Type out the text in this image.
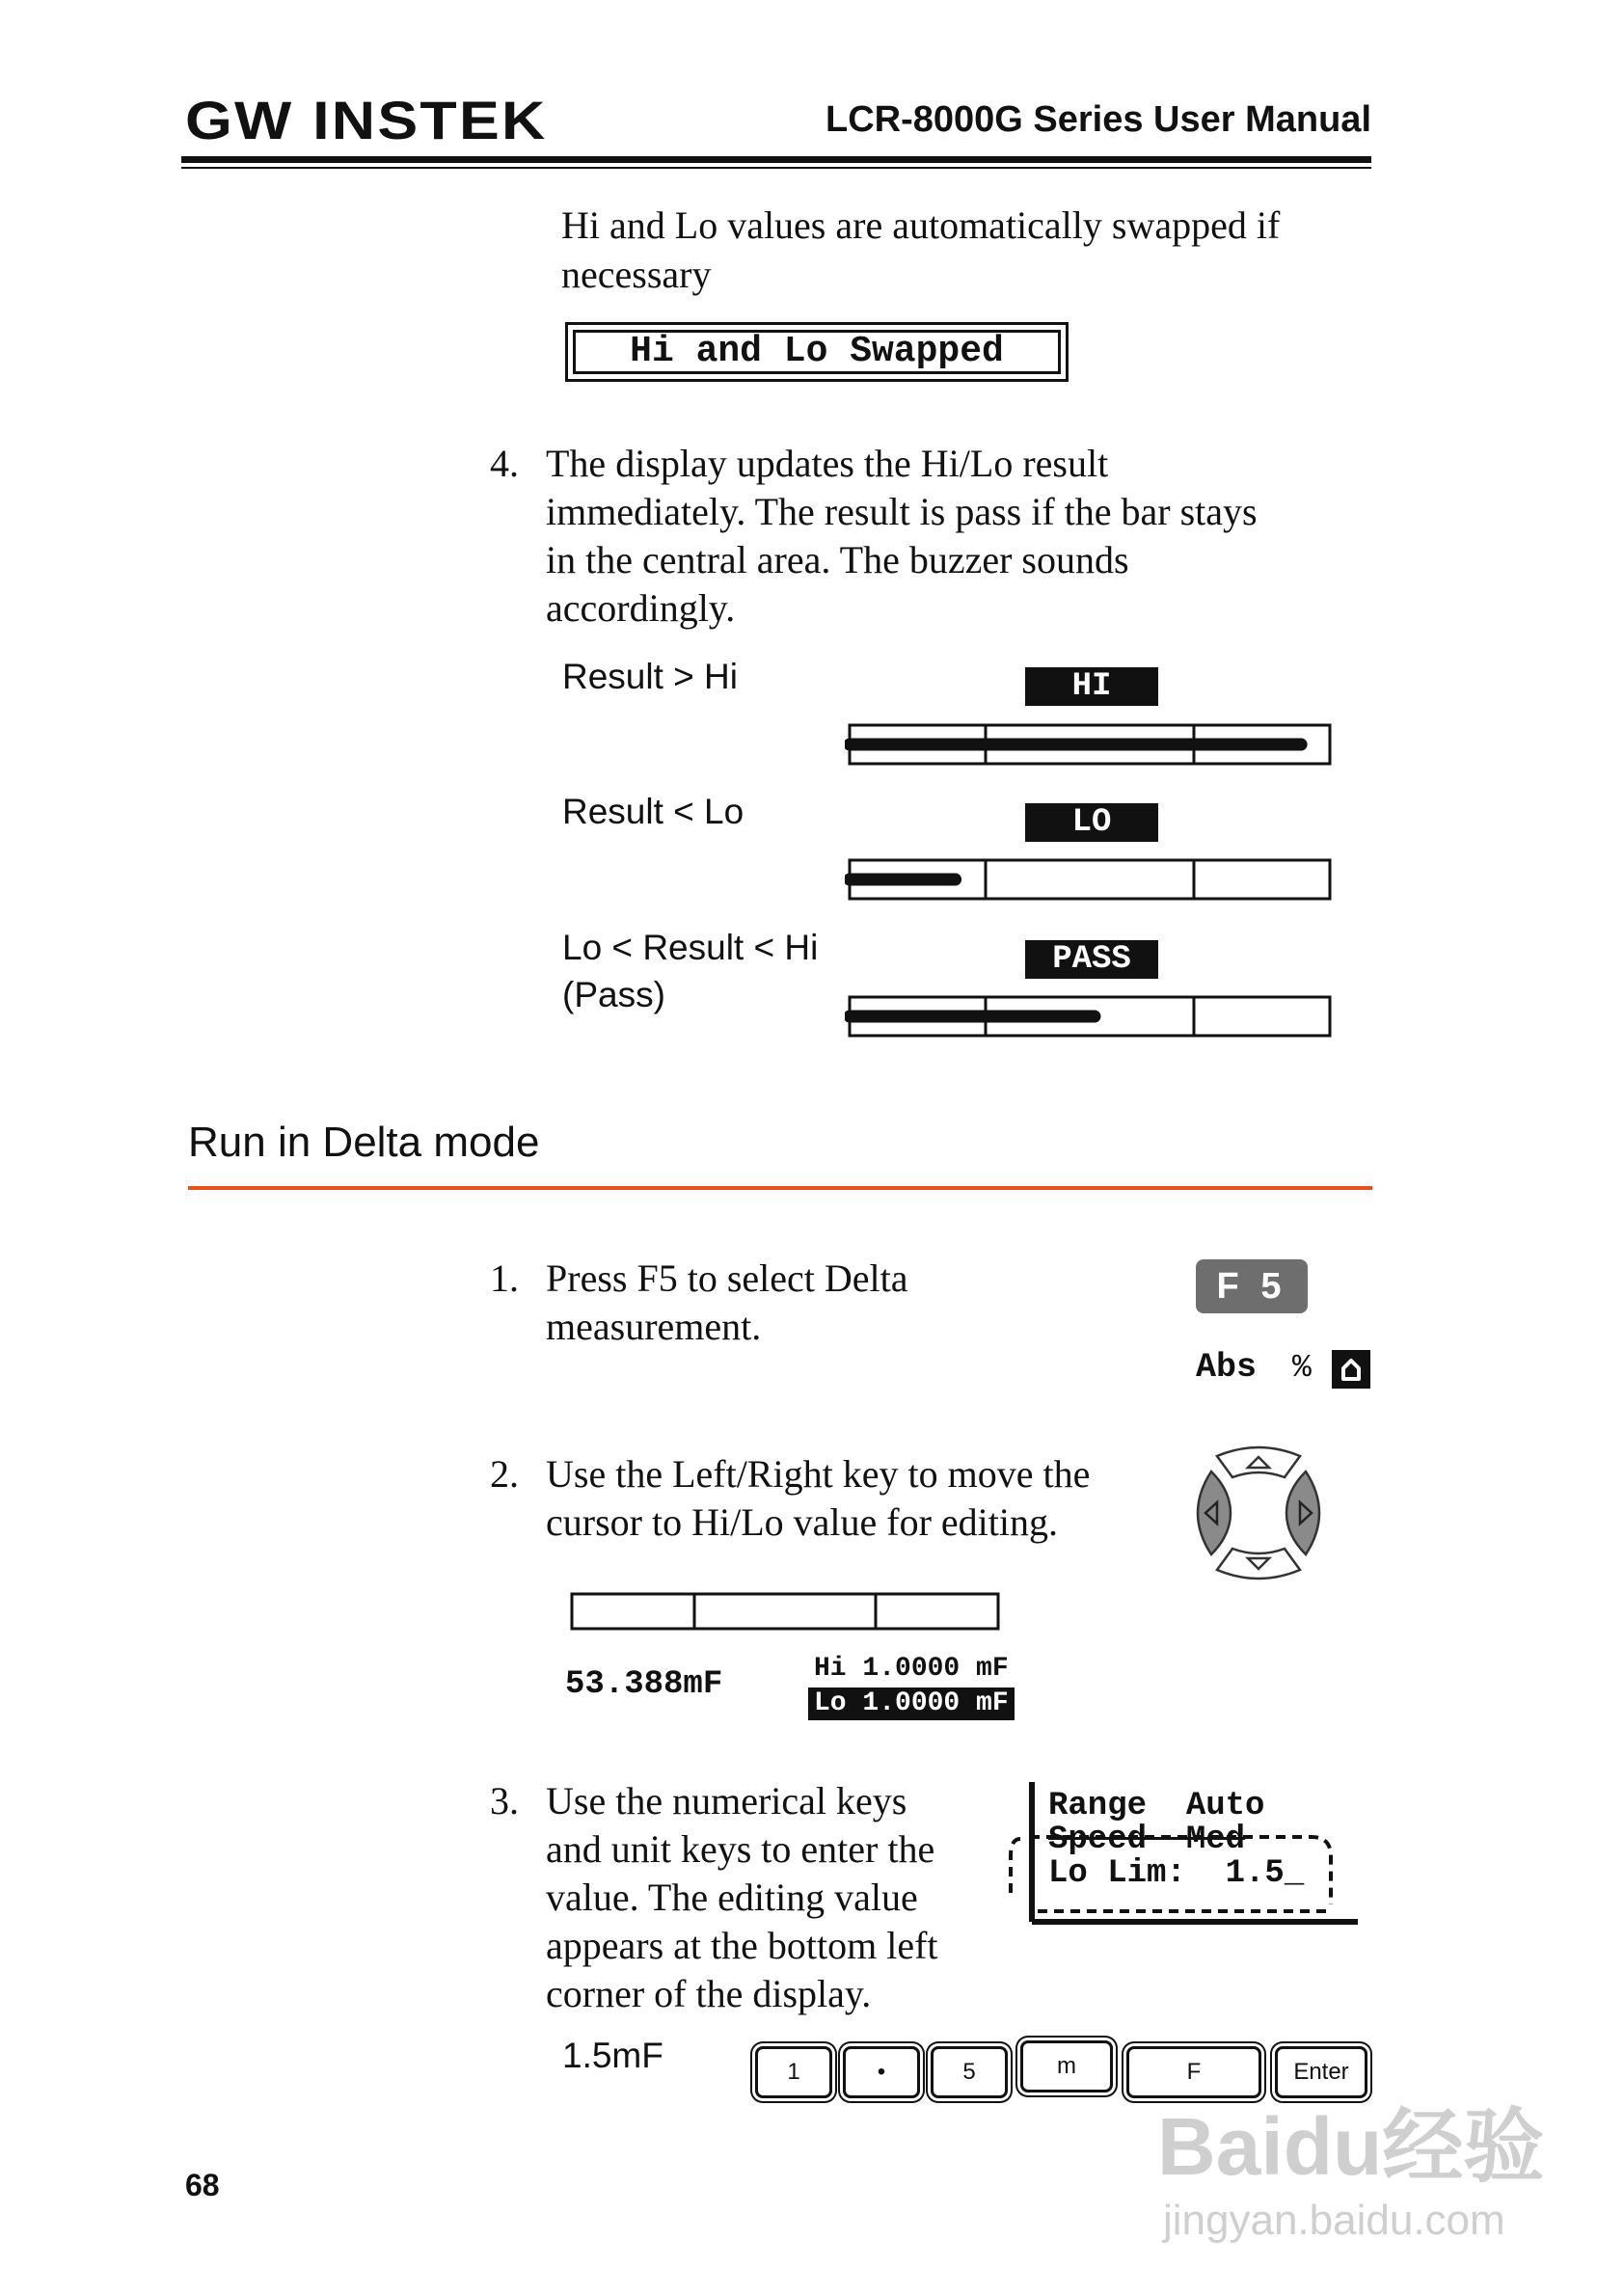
GW INSTEK	LCR-8000G Series User Manual
Hi and Lo values are automatically swapped if
necessary
Hi and Lo Swapped
4. The display updates the Hi/Lo result
immediately. The result is pass if the bar stays
in the central area. The buzzer sounds
accordingly.
Result > Hi	HI
Result < Lo	LO
Lo < Result < Hi
(Pass)
PASS
Run in Delta mode
1. Press F5 to select Delta
measurement.
F 5
Abs %
2. Use the Left/Right key to move the
cursor to Hi/Lo value for editing.
53.388mF	Hi 1.0000 mF
Lo 1.0000 mF
3. Use the numerical keys
and unit keys to enter the
value. The editing value
appears at the bottom left
corner of the display.
Range  Auto
Speed  Med
Lo Lim:  1.5_
1.5mF	1	•	5	m	F	Enter
68	Baidu经验
jingyan.baidu.com
